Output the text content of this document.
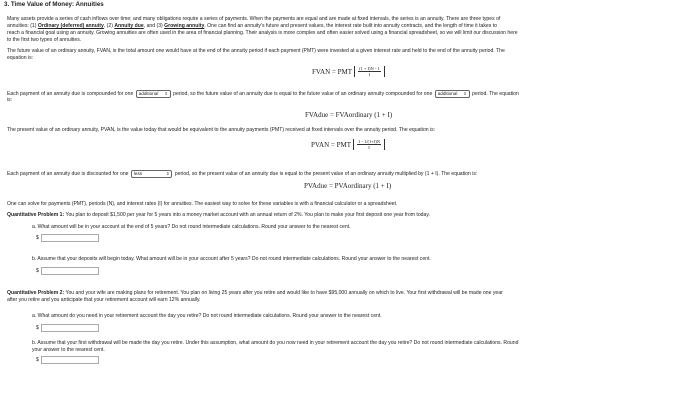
3. Time Value of Money: Annuities
Many assets provide a series of cash inflows over time; and many obligations require a series of payments. When the payments are equal and are made at fixed intervals, the series is an annuity. There are three types of
annuities: (1) Ordinary (deferred) annuity, (2) Annuity due, and (3) Growing annuity. One can find an annuity's future and present values, the interest rate built into annuity contracts, and the length of time it takes to
reach a financial goal using an annuity. Growing annuities are often used in the area of financial planning. Their analysis is more complex and often easier solved using a financial spreadsheet, so we will limit our discussion here
to the first two types of annuities.
The future value of an ordinary annuity, FVAN, is the total amount one would have at the end of the annuity period if each payment (PMT) were invested at a given interest rate and held to the end of the annuity period. The
equation is:
FVAN = PMT $\frac{(1 + I)N - 1}{I}$
Each payment of an annuity due is compounded for one additional ⇕ period, so the future value of an annuity due is equal to the future value of an ordinary annuity compounded for one additional ⇕ period. The equation
is:
FVAdue = FVAordinary (1 + I)
The present value of an ordinary annuity, PVAN, is the value today that would be equivalent to the annuity payments (PMT) received at fixed intervals over the annuity period. The equation is:
PVAN = PMT $\frac{1 - 1/(1+I)N}{I}$
Each payment of an annuity due is discounted for one less	⇕ period, so the present value of an annuity due is equal to the present value of an ordinary annuity multiplied by (1 + I). The equation is:
PVAdue = PVAordinary (1 + I)
One can solve for payments (PMT), periods (N), and interest rates (I) for annuities. The easiest way to solve for these variables is with a financial calculator or a spreadsheet.
Quantitative Problem 1: You plan to deposit $1,500 per year for 5 years into a money market account with an annual return of 2%. You plan to make your first deposit one year from today.
a. What amount will be in your account at the end of 5 years? Do not round intermediate calculations. Round your answer to the nearest cent.
$
b. Assume that your deposits will begin today. What amount will be in your account after 5 years? Do not round intermediate calculations. Round your answer to the nearest cent.
$
Quantitative Problem 2: You and your wife are making plans for retirement. You plan on living 25 years after you retire and would like to have $95,000 annually on which to live. Your first withdrawal will be made one year
after you retire and you anticipate that your retirement account will earn 12% annually.
a. What amount do you need in your retirement account the day you retire? Do not round intermediate calculations. Round your answer to the nearest cent.
$
b. Assume that your first withdrawal will be made the day you retire. Under this assumption, what amount do you now need in your retirement account the day you retire? Do not round intermediate calculations. Round
your answer to the nearest cent.
$
